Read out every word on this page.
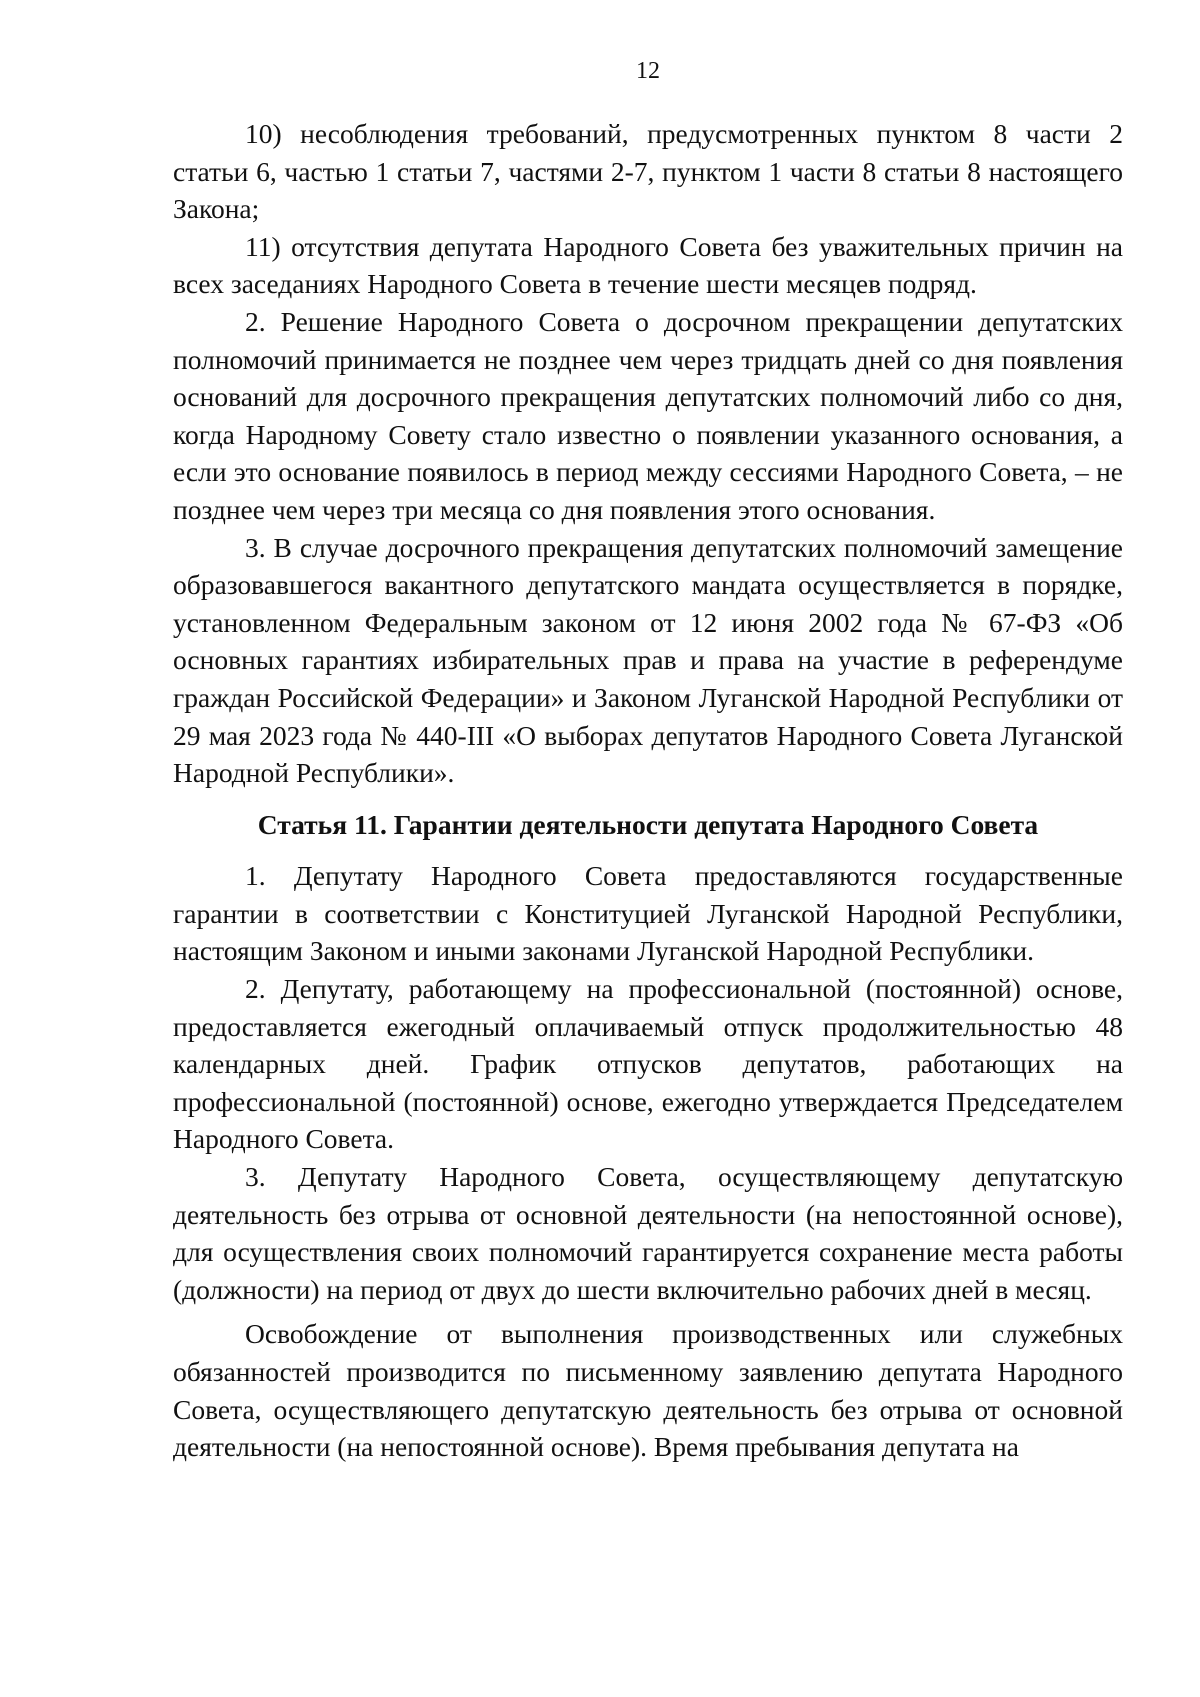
12

10) несоблюдения требований, предусмотренных пунктом 8 части 2 статьи 6, частью 1 статьи 7, частями 2-7, пунктом 1 части 8 статьи 8 настоящего Закона;

11) отсутствия депутата Народного Совета без уважительных причин на всех заседаниях Народного Совета в течение шести месяцев подряд.

2. Решение Народного Совета о досрочном прекращении депутатских полномочий принимается не позднее чем через тридцать дней со дня появления оснований для досрочного прекращения депутатских полномочий либо со дня, когда Народному Совету стало известно о появлении указанного основания, а если это основание появилось в период между сессиями Народного Совета, – не позднее чем через три месяца со дня появления этого основания.

3. В случае досрочного прекращения депутатских полномочий замещение образовавшегося вакантного депутатского мандата осуществляется в порядке, установленном Федеральным законом от 12 июня 2002 года № 67-ФЗ «Об основных гарантиях избирательных прав и права на участие в референдуме граждан Российской Федерации» и Законом Луганской Народной Республики от 29 мая 2023 года № 440-III «О выборах депутатов Народного Совета Луганской Народной Республики».

Статья 11. Гарантии деятельности депутата Народного Совета

1. Депутату Народного Совета предоставляются государственные гарантии в соответствии с Конституцией Луганской Народной Республики, настоящим Законом и иными законами Луганской Народной Республики.

2. Депутату, работающему на профессиональной (постоянной) основе, предоставляется ежегодный оплачиваемый отпуск продолжительностью 48 календарных дней. График отпусков депутатов, работающих на профессиональной (постоянной) основе, ежегодно утверждается Председателем Народного Совета.

3. Депутату Народного Совета, осуществляющему депутатскую деятельность без отрыва от основной деятельности (на непостоянной основе), для осуществления своих полномочий гарантируется сохранение места работы (должности) на период от двух до шести включительно рабочих дней в месяц.

Освобождение от выполнения производственных или служебных обязанностей производится по письменному заявлению депутата Народного Совета, осуществляющего депутатскую деятельность без отрыва от основной деятельности (на непостоянной основе). Время пребывания депутата на
